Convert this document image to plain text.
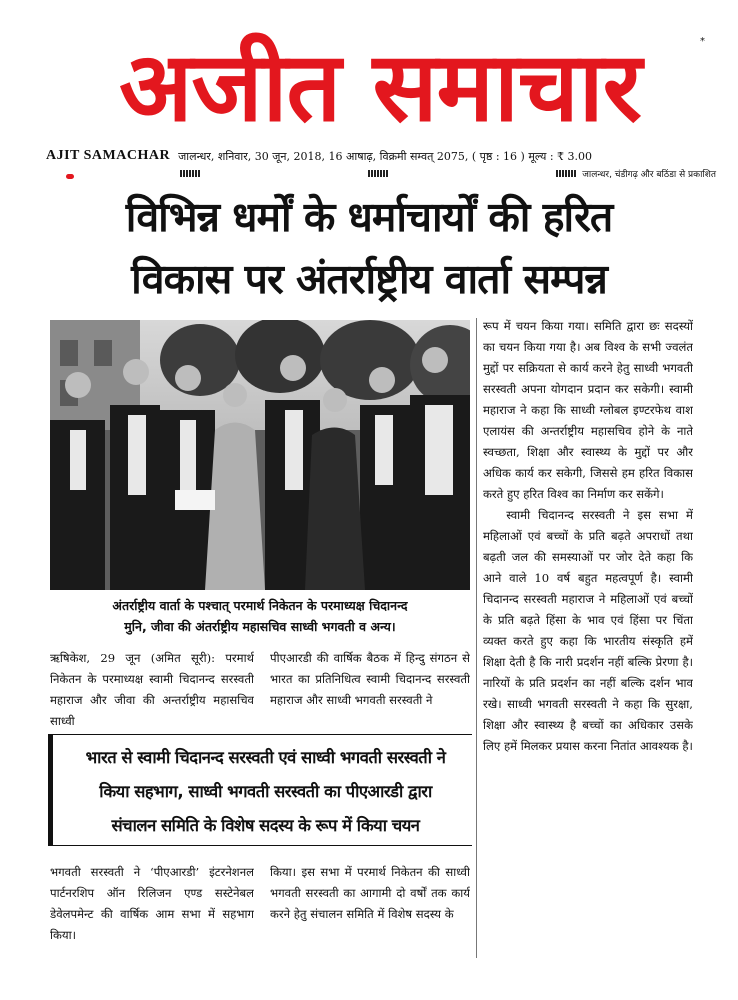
अजीत समाचार	*
AJIT SAMACHAR जालन्धर, शनिवार, 30 जून, 2018, 16 आषाढ़, विक्रमी सम्वत् 2075, ( पृष्ठ : 16 ) मूल्य : ₹ 3.00
जालन्धर, चंडीगढ़ और बठिंडा से प्रकाशित
विभिन्न धर्मों के धर्माचार्यों की हरित
विकास पर अंतर्राष्ट्रीय वार्ता सम्पन्न
अंतर्राष्ट्रीय वार्ता के पश्चात् परमार्थ निकेतन के परमाध्यक्ष चिदानन्द
मुनि, जीवा की अंतर्राष्ट्रीय महासचिव साध्वी भगवती व अन्य।

ऋषिकेश, 29 जून (अमित सूरी): परमार्थ निकेतन के परमाध्यक्ष स्वामी चिदानन्द सरस्वती महाराज और जीवा की अन्तर्राष्ट्रीय महासचिव साध्वी

पीएआरडी की वार्षिक बैठक में हिन्दु संगठन से भारत का प्रतिनिधित्व स्वामी चिदानन्द सरस्वती महाराज और साध्वी भगवती सरस्वती ने

भारत से स्वामी चिदानन्द सरस्वती एवं साध्वी भगवती सरस्वती ने
किया सहभाग, साध्वी भगवती सरस्वती का पीएआरडी द्वारा
संचालन समिति के विशेष सदस्य के रूप में किया चयन

भगवती सरस्वती ने ‘पीएआरडी’ इंटरनेशनल पार्टनरशिप ऑन रिलिजन एण्ड सस्टेनेबल डेवेलपमेन्ट की वार्षिक आम सभा में सहभाग किया।

किया। इस सभा में परमार्थ निकेतन की साध्वी भगवती सरस्वती का आगामी दो वर्षों तक कार्य करने हेतु संचालन समिति में विशेष सदस्य के

रूप में चयन किया गया। समिति द्वारा छः सदस्यों का चयन किया गया है। अब विश्व के सभी ज्वलंत मुद्दों पर सक्रियता से कार्य करने हेतु साध्वी भगवती सरस्वती अपना योगदान प्रदान कर सकेगी। स्वामी महाराज ने कहा कि साध्वी ग्लोबल इण्टरफेथ वाश एलायंस की अन्तर्राष्ट्रीय महासचिव होने के नाते स्वच्छता, शिक्षा और स्वास्थ्य के मुद्दों पर और अधिक कार्य कर सकेगी, जिससे हम हरित विकास करते हुए हरित विश्व का निर्माण कर सकेंगे।

स्वामी चिदानन्द सरस्वती ने इस सभा में महिलाओं एवं बच्चों के प्रति बढ़ते अपराधों तथा बढ़ती जल की समस्याओं पर जोर देते कहा कि आने वाले 10 वर्ष बहुत महत्वपूर्ण है। स्वामी चिदानन्द सरस्वती महाराज ने महिलाओं एवं बच्चों के प्रति बढ़ते हिंसा के भाव एवं हिंसा पर चिंता व्यक्त करते हुए कहा कि भारतीय संस्कृति हमें शिक्षा देती है कि नारी प्रदर्शन नहीं बल्कि प्रेरणा है। नारियों के प्रति प्रदर्शन का नहीं बल्कि दर्शन भाव रखे। साध्वी भगवती सरस्वती ने कहा कि सुरक्षा, शिक्षा और स्वास्थ्य है बच्चों का अधिकार उसके लिए हमें मिलकर प्रयास करना नितांत आवश्यक है।
